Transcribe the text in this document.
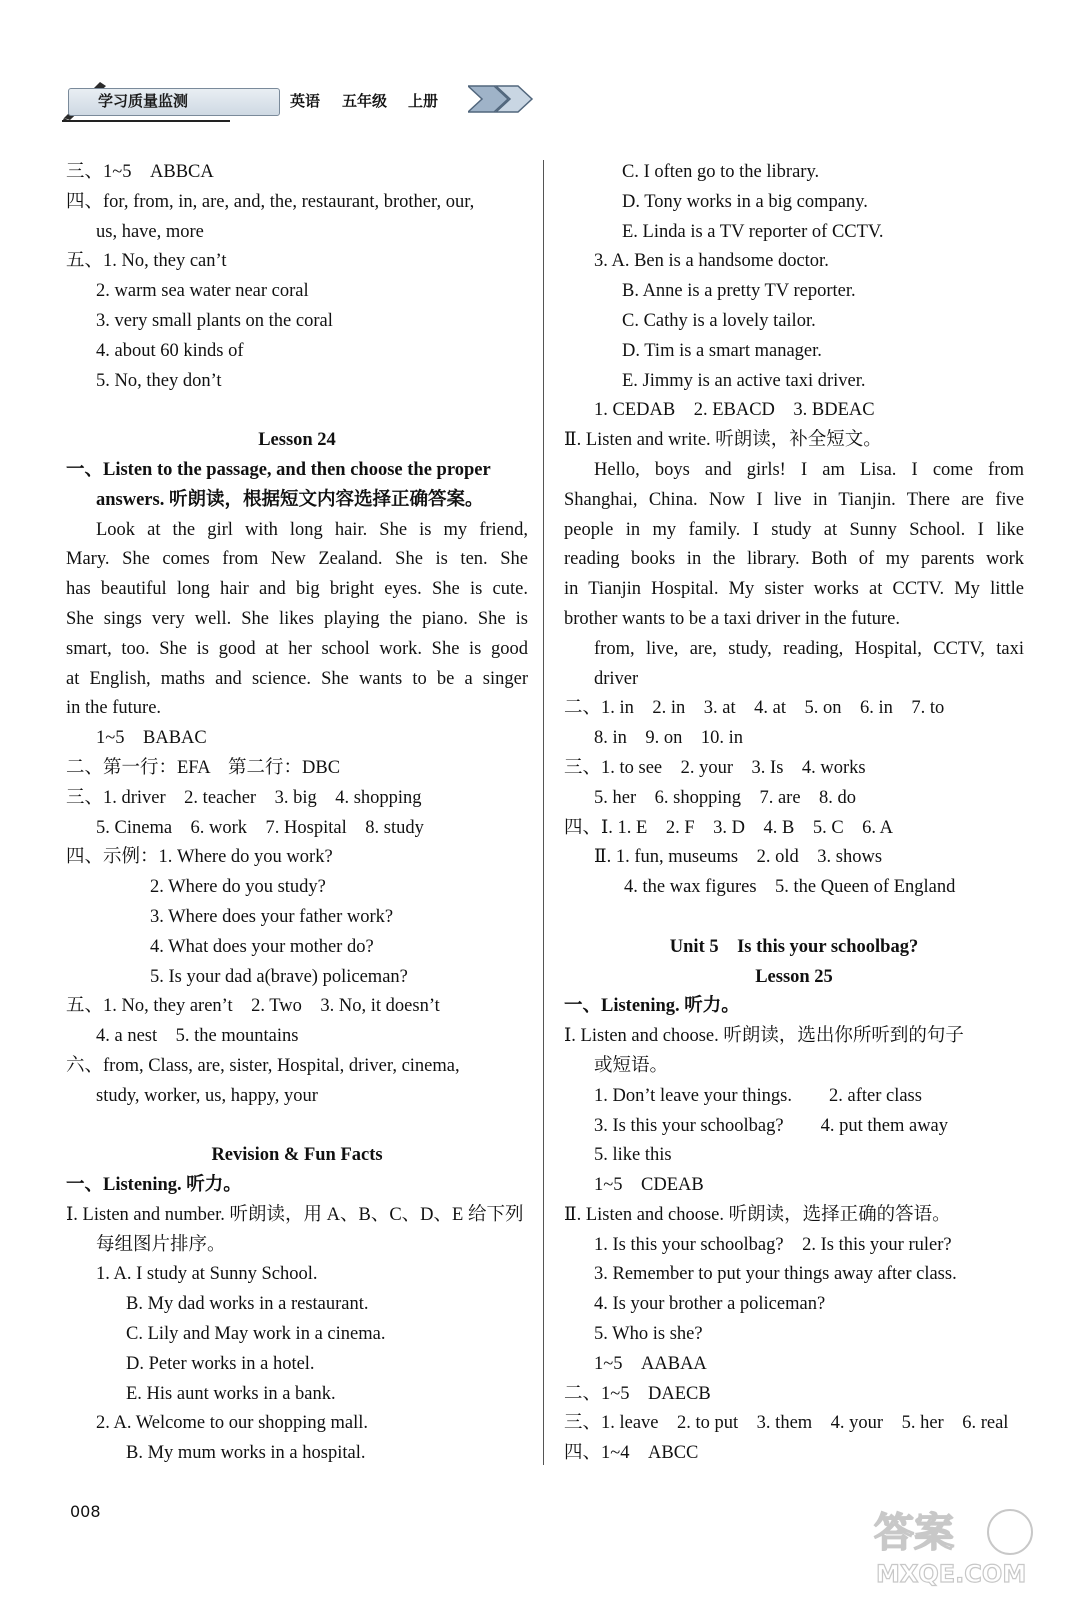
学习质量监测	英语 五年级 上册
三、1~5　ABBCA
四、for, from, in, are, and, the, restaurant, brother, our,
us, have, more
五、1. No, they can’t
2. warm sea water near coral
3. very small plants on the coral
4. about 60 kinds of
5. No, they don’t
Lesson 24
一、Listen to the passage, and then choose the proper
answers. 听朗读，根据短文内容选择正确答案。
Look at the girl with long hair. She is my friend,
Mary. She comes from New Zealand. She is ten. She
has beautiful long hair and big bright eyes. She is cute.
She sings very well. She likes playing the piano. She is
smart, too. She is good at her school work. She is good
at English, maths and science. She wants to be a singer
in the future.
1~5　BABAC
二、第一行：EFA　第二行：DBC
三、1. driver　2. teacher　3. big　4. shopping
5. Cinema　6. work　7. Hospital　8. study
四、示例：1. Where do you work?
2. Where do you study?
3. Where does your father work?
4. What does your mother do?
5. Is your dad a(brave) policeman?
五、1. No, they aren’t　2. Two　3. No, it doesn’t
4. a nest　5. the mountains
六、from, Class, are, sister, Hospital, driver, cinema,
study, worker, us, happy, your
Revision & Fun Facts
一、Listening. 听力。
Ⅰ. Listen and number. 听朗读，用 A、B、C、D、E 给下列
每组图片排序。
1. A. I study at Sunny School.
B. My dad works in a restaurant.
C. Lily and May work in a cinema.
D. Peter works in a hotel.
E. His aunt works in a bank.
2. A. Welcome to our shopping mall.
B. My mum works in a hospital.
C. I often go to the library.
D. Tony works in a big company.
E. Linda is a TV reporter of CCTV.
3. A. Ben is a handsome doctor.
B. Anne is a pretty TV reporter.
C. Cathy is a lovely tailor.
D. Tim is a smart manager.
E. Jimmy is an active taxi driver.
1. CEDAB　2. EBACD　3. BDEAC
Ⅱ. Listen and write. 听朗读，补全短文。
Hello, boys and girls! I am Lisa. I come from
Shanghai, China. Now I live in Tianjin. There are five
people in my family. I study at Sunny School. I like
reading books in the library. Both of my parents work
in Tianjin Hospital. My sister works at CCTV. My little
brother wants to be a taxi driver in the future.
from, live, are, study, reading, Hospital, CCTV, taxi
driver
二、1. in　2. in　3. at　4. at　5. on　6. in　7. to
8. in　9. on　10. in
三、1. to see　2. your　3. Is　4. works
5. her　6. shopping　7. are　8. do
四、Ⅰ. 1. E　2. F　3. D　4. B　5. C　6. A
Ⅱ. 1. fun, museums　2. old　3. shows
4. the wax figures　5. the Queen of England
Unit 5　Is this your schoolbag?
Lesson 25
一、Listening. 听力。
Ⅰ. Listen and choose. 听朗读，选出你所听到的句子
或短语。
1. Don’t leave your things.　　2. after class
3. Is this your schoolbag?　　4. put them away
5. like this
1~5　CDEAB
Ⅱ. Listen and choose. 听朗读，选择正确的答语。
1. Is this your schoolbag?　2. Is this your ruler?
3. Remember to put your things away after class.
4. Is your brother a policeman?
5. Who is she?
1~5　AABAA
二、1~5　DAECB
三、1. leave　2. to put　3. them　4. your　5. her　6. real
四、1~4　ABCC
008	答案
MXQE.COM
